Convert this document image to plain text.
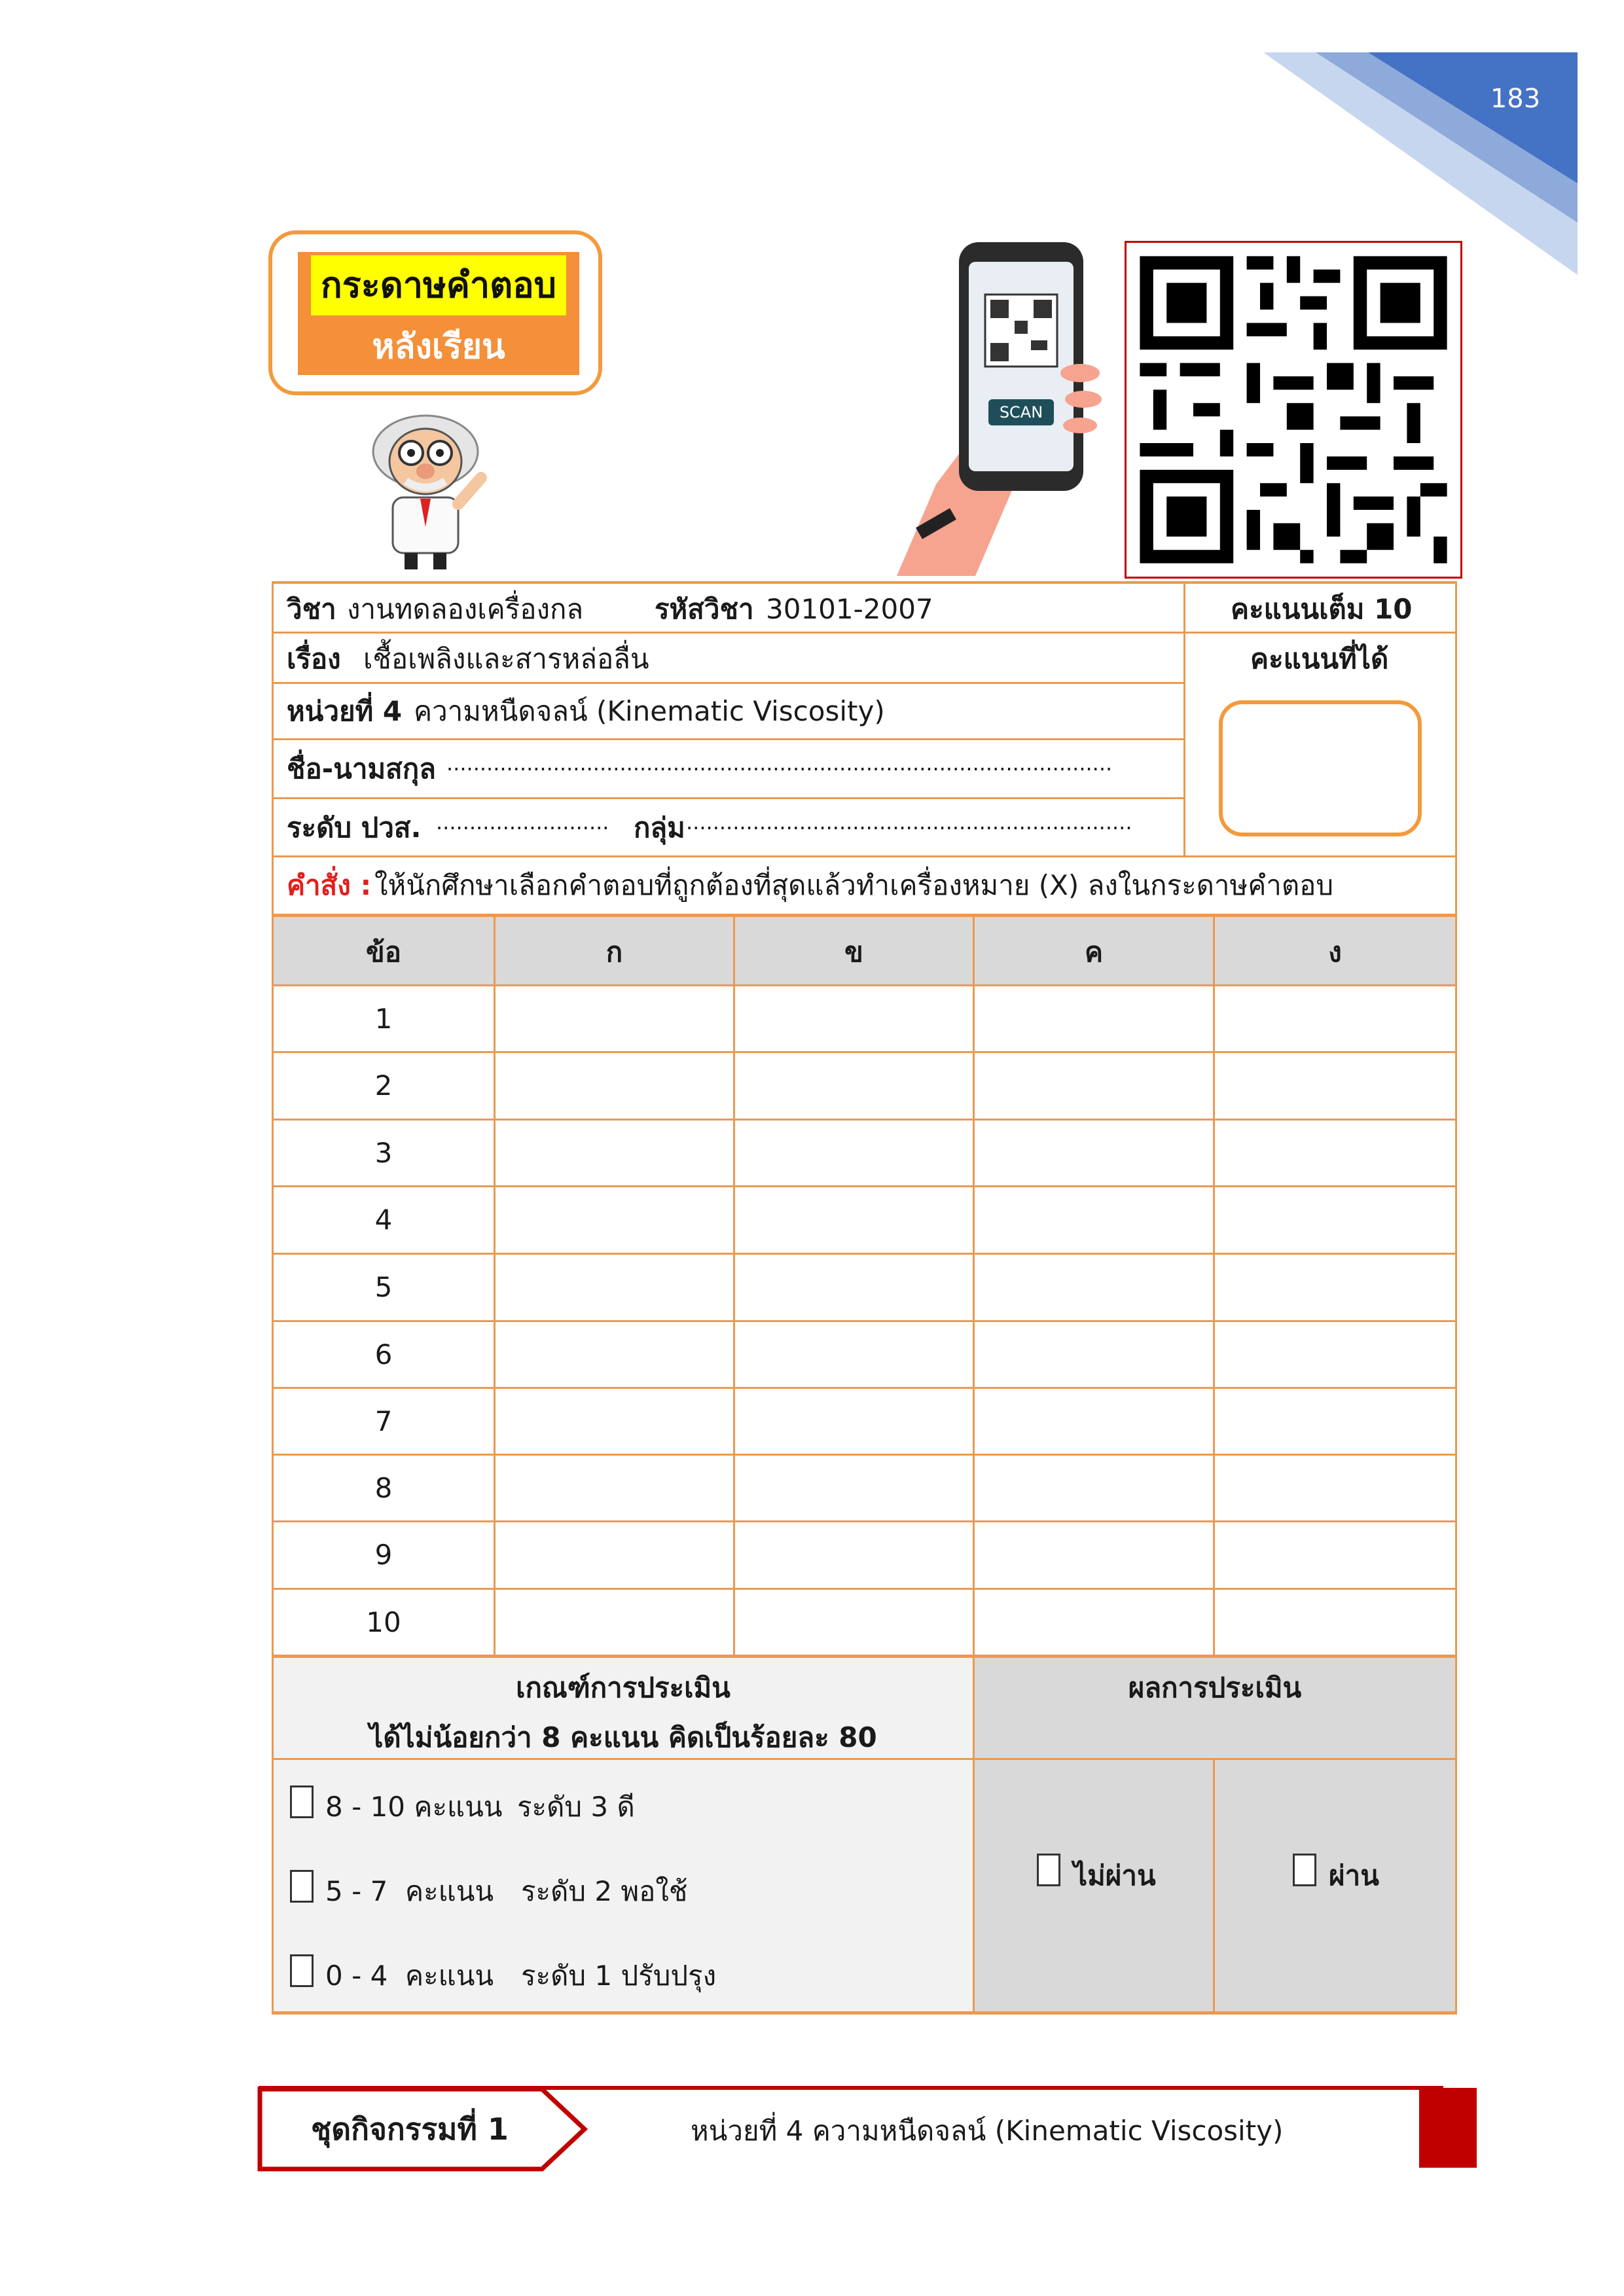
183
กระดาษคำตอบ
หลังเรียน
SCAN
วิชา งานทดลองเครื่องกล	รหัสวิชา 30101-2007	คะแนนเต็ม 10
เรื่อง เชื้อเพลิงและสารหล่อลื่น	คะแนนที่ได้
หน่วยที่ 4 ความหนืดจลน์ (Kinematic Viscosity)
ชื่อ-นามสกุล ....................................................................................................
ระดับ ปวส. .......................... กลุ่ม ...................................................................
คำสั่ง : ให้นักศึกษาเลือกคำตอบที่ถูกต้องที่สุดแล้วทำเครื่องหมาย (X) ลงในกระดาษคำตอบ
ข้อ	ก	ข	ค	ง
1
2
3
4
5
6
7
8
9
10
เกณฑ์การประเมิน
ได้ไม่น้อยกว่า 8 คะแนน คิดเป็นร้อยละ 80
ผลการประเมิน
8 - 10 คะแนน ระดับ 3 ดี
5 - 7  คะแนน ระดับ 2 พอใช้
0 - 4  คะแนน ระดับ 1 ปรับปรุง
ไม่ผ่าน	ผ่าน
ชุดกิจกรรมที่ 1	หน่วยที่ 4 ความหนืดจลน์ (Kinematic Viscosity)
